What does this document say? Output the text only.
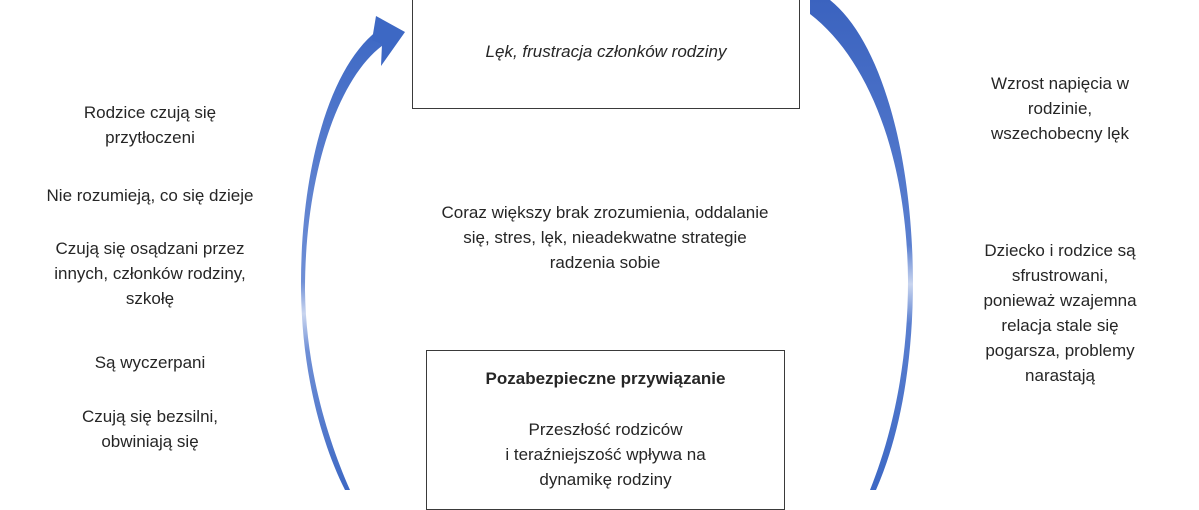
Lęk, frustracja członków rodziny
Coraz większy brak zrozumienia, oddalanie
się, stres, lęk, nieadekwatne strategie
radzenia sobie
Pozabezpieczne przywiązanie
Przeszłość rodziców
i teraźniejszość wpływa na
dynamikę rodziny
Rodzice czują się
przytłoczeni
Nie rozumieją, co się dzieje
Czują się osądzani przez
innych, członków rodziny,
szkołę
Są wyczerpani
Czują się bezsilni,
obwiniają się
Wzrost napięcia w
rodzinie,
wszechobecny lęk
Dziecko i rodzice są
sfrustrowani,
ponieważ wzajemna
relacja stale się
pogarsza, problemy
narastają
